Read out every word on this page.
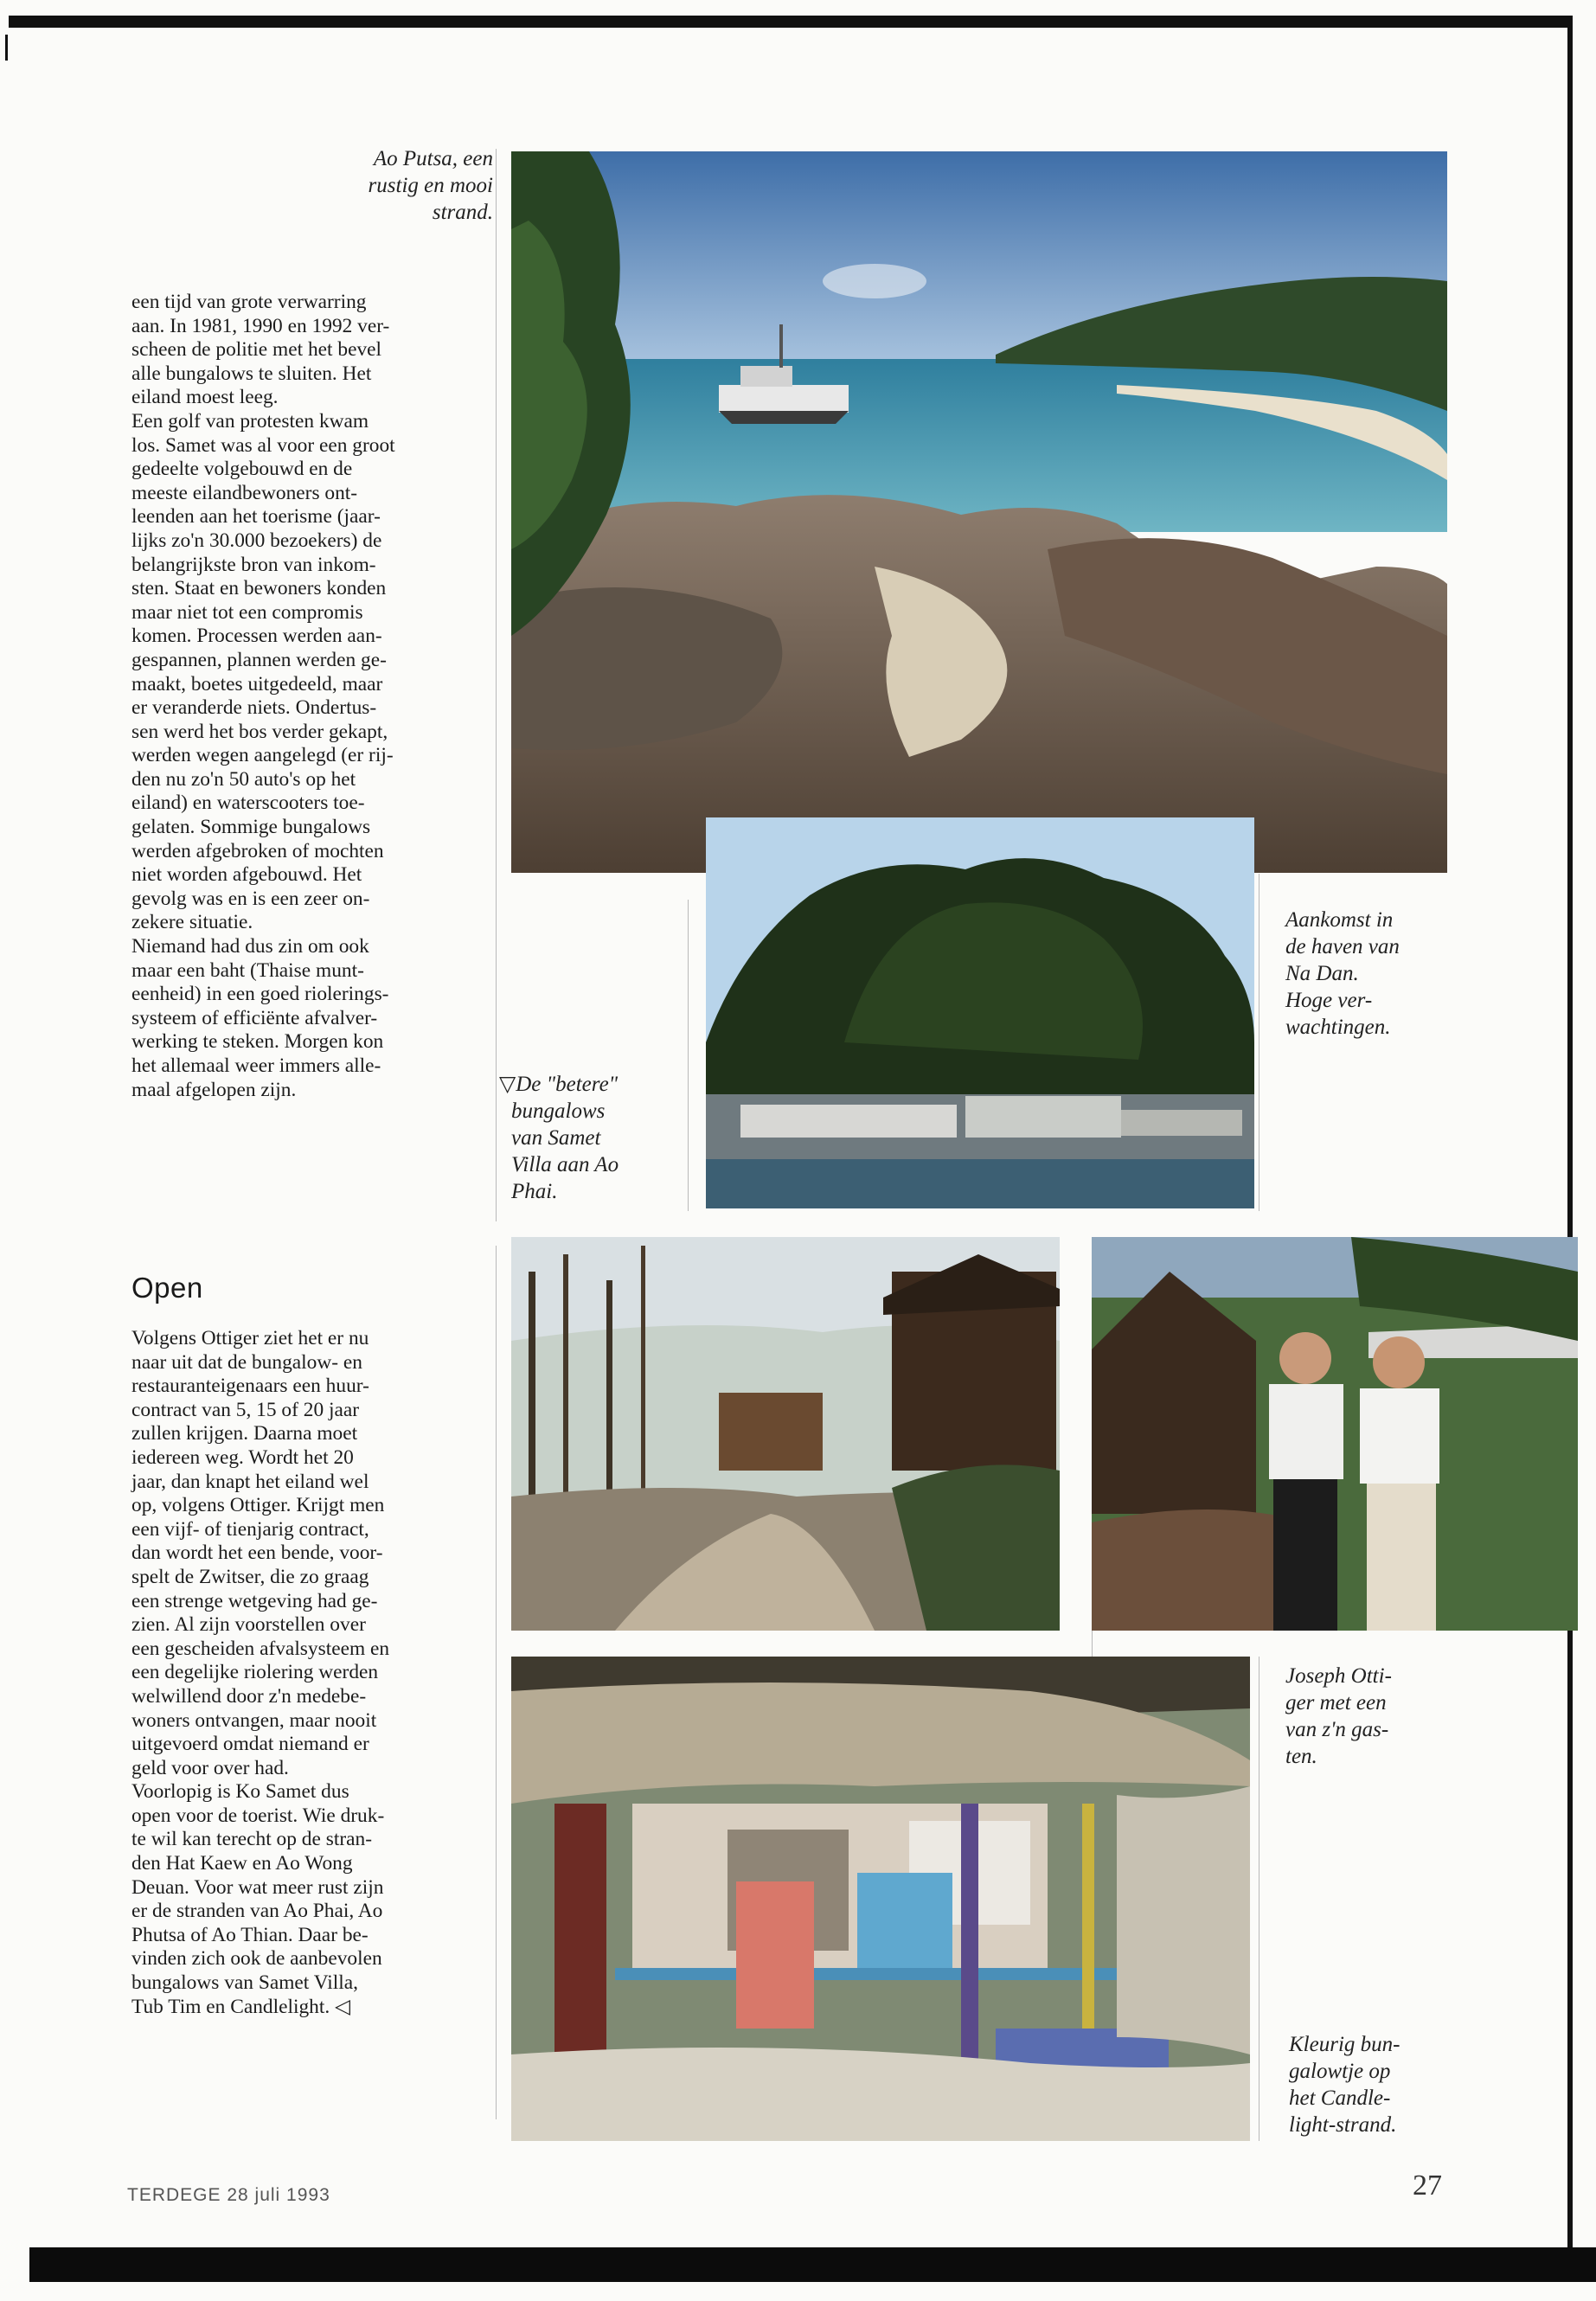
Ao Putsa, een
rustig en mooi
strand.

een tijd van grote verwarring

aan. In 1981, 1990 en 1992 ver-

scheen de politie met het bevel

alle bungalows te sluiten. Het

eiland moest leeg.

Een golf van protesten kwam

los. Samet was al voor een groot

gedeelte volgebouwd en de

meeste eilandbewoners ont-

leenden aan het toerisme (jaar-

lijks zo'n 30.000 bezoekers) de

belangrijkste bron van inkom-

sten. Staat en bewoners konden

maar niet tot een compromis

komen. Processen werden aan-

gespannen, plannen werden ge-

maakt, boetes uitgedeeld, maar

er veranderde niets. Ondertus-

sen werd het bos verder gekapt,

werden wegen aangelegd (er rij-

den nu zo'n 50 auto's op het

eiland) en waterscooters toe-

gelaten. Sommige bungalows

werden afgebroken of mochten

niet worden afgebouwd. Het

gevolg was en is een zeer on-

zekere situatie.

Niemand had dus zin om ook

maar een baht (Thaise munt-

eenheid) in een goed riolerings-

systeem of efficiënte afvalver-

werking te steken. Morgen kon

het allemaal weer immers alle-

maal afgelopen zijn.

Open

Volgens Ottiger ziet het er nu

naar uit dat de bungalow- en

restauranteigenaars een huur-

contract van 5, 15 of 20 jaar

zullen krijgen. Daarna moet

iedereen weg. Wordt het 20

jaar, dan knapt het eiland wel

op, volgens Ottiger. Krijgt men

een vijf- of tienjarig contract,

dan wordt het een bende, voor-

spelt de Zwitser, die zo graag

een strenge wetgeving had ge-

zien. Al zijn voorstellen over

een gescheiden afvalsysteem en

een degelijke riolering werden

welwillend door z'n medebe-

woners ontvangen, maar nooit

uitgevoerd omdat niemand er

geld voor over had.

Voorlopig is Ko Samet dus

open voor de toerist. Wie druk-

te wil kan terecht op de stran-

den Hat Kaew en Ao Wong

Deuan. Voor wat meer rust zijn

er de stranden van Ao Phai, Ao

Phutsa of Ao Thian. Daar be-

vinden zich ook de aanbevolen

bungalows van Samet Villa,

Tub Tim en Candlelight. ◁

▽De "betere"
bungalows
van Samet
Villa aan Ao
Phai.
Aankomst in
de haven van
Na Dan.
Hoge ver-
wachtingen.
Joseph Otti-
ger met een
van z'n gas-
ten.
Kleurig bun-
galowtje op
het Candle-
light-strand.
TERDEGE 28 juli 1993	27
